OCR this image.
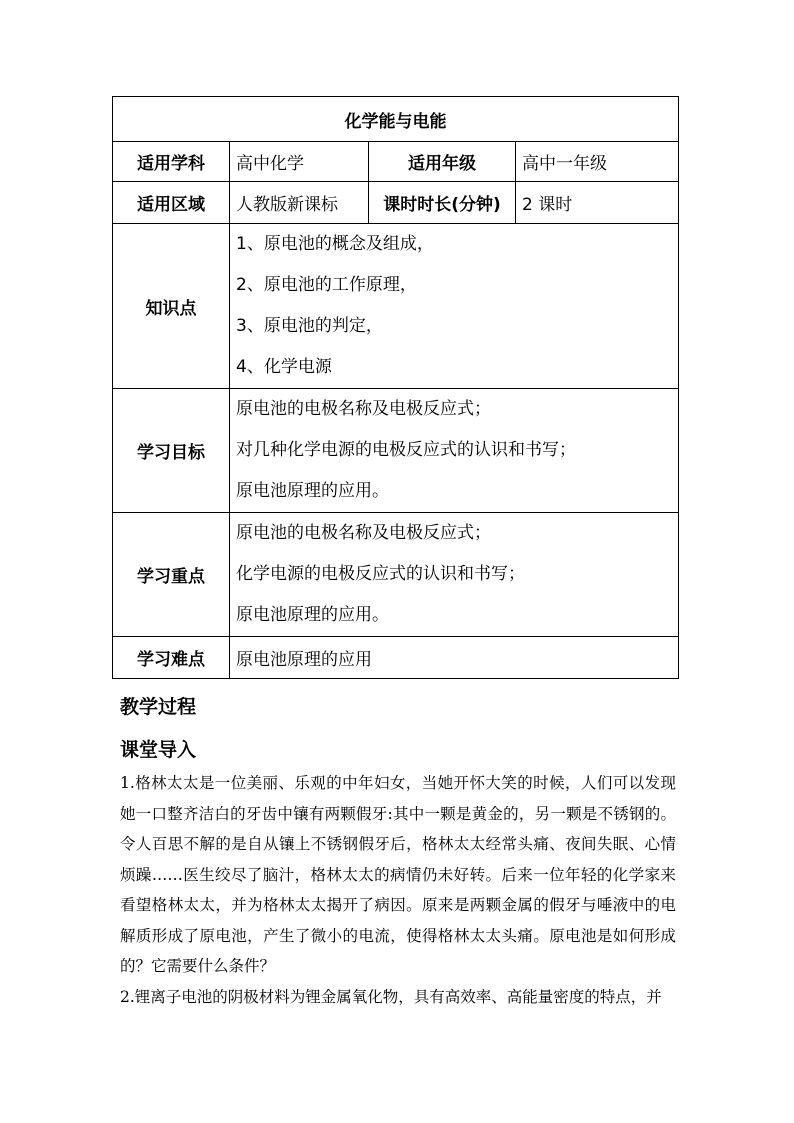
化学能与电能			
适用学科	高中化学	适用年级	高中一年级
适用区域	人教版新课标	课时时长(分钟)	2 课时
知识点	1、原电池的概念及组成，
2、原电池的工作原理，
3、原电池的判定，
4、化学电源		

学习目标	原电池的电极名称及电极反应式；
对几种化学电源的电极反应式的认识和书写；
原电池原理的应用。		

学习重点	原电池的电极名称及电极反应式；
化学电源的电极反应式的认识和书写；
原电池原理的应用。		

学习难点	原电池原理的应用		
教学过程
课堂导入

1.格林太太是一位美丽、乐观的中年妇女，当她开怀大笑的时候，人们可以发现她一口整齐洁白的牙齿中镶有两颗假牙:其中一颗是黄金的，另一颗是不锈钢的。令人百思不解的是自从镶上不锈钢假牙后，格林太太经常头痛、夜间失眠、心情烦躁……医生绞尽了脑汁，格林太太的病情仍未好转。后来一位年轻的化学家来看望格林太太，并为格林太太揭开了病因。原来是两颗金属的假牙与唾液中的电解质形成了原电池，产生了微小的电流，使得格林太太头痛。原电池是如何形成的？它需要什么条件？

2.锂离子电池的阴极材料为锂金属氧化物，具有高效率、高能量密度的特点，并
